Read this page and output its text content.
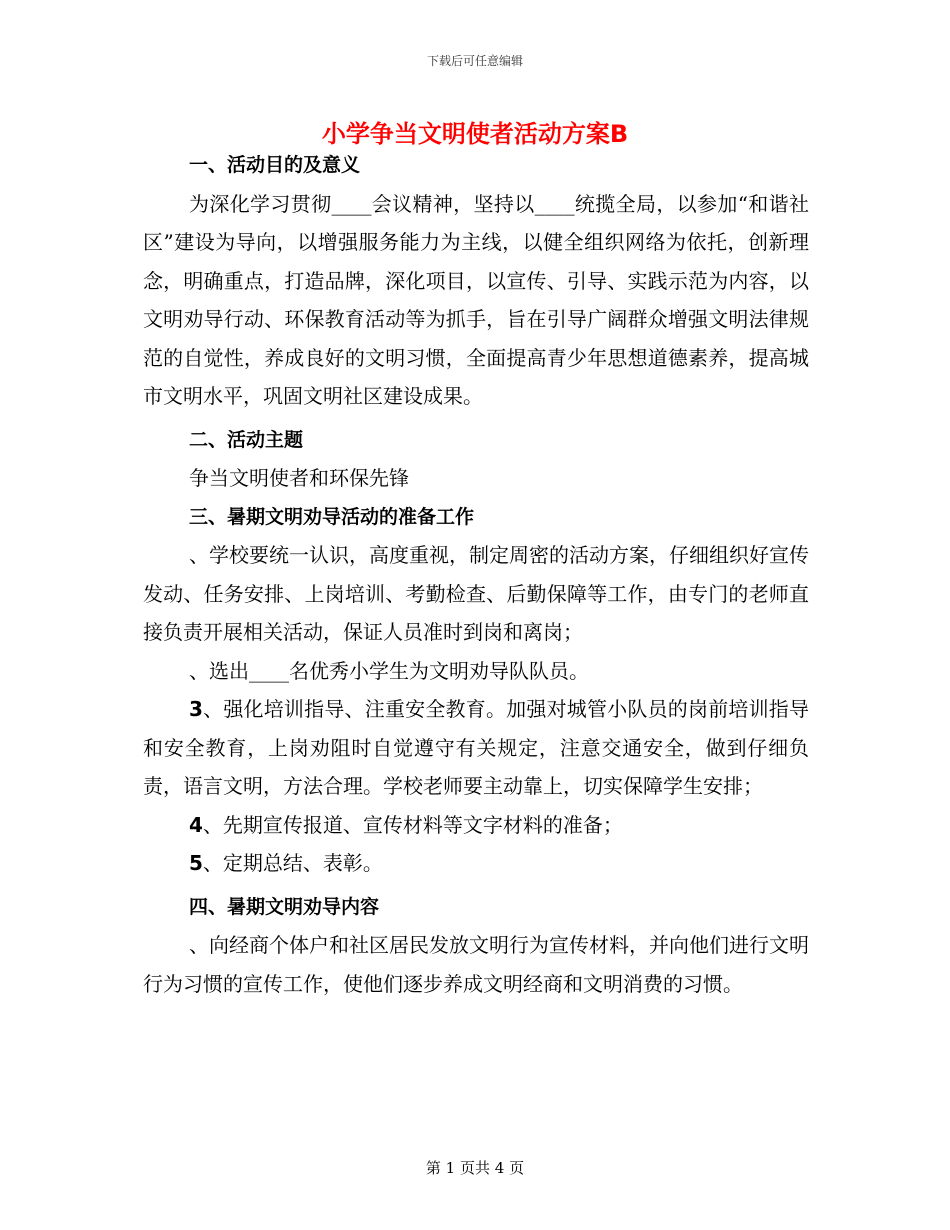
下载后可任意编辑
小学争当文明使者活动方案B
一、活动目的及意义

为深化学习贯彻____会议精神，坚持以____统揽全局，以参加“和谐社区”建设为导向，以增强服务能力为主线，以健全组织网络为依托，创新理念，明确重点，打造品牌，深化项目，以宣传、引导、实践示范为内容，以文明劝导行动、环保教育活动等为抓手，旨在引导广阔群众增强文明法律规范的自觉性，养成良好的文明习惯，全面提高青少年思想道德素养，提高城市文明水平，巩固文明社区建设成果。

二、活动主题

争当文明使者和环保先锋

三、暑期文明劝导活动的准备工作

、学校要统一认识，高度重视，制定周密的活动方案，仔细组织好宣传发动、任务安排、上岗培训、考勤检查、后勤保障等工作，由专门的老师直接负责开展相关活动，保证人员准时到岗和离岗；

、选出____名优秀小学生为文明劝导队队员。

3、强化培训指导、注重安全教育。加强对城管小队员的岗前培训指导和安全教育，上岗劝阻时自觉遵守有关规定，注意交通安全，做到仔细负责，语言文明，方法合理。学校老师要主动靠上，切实保障学生安排；

4、先期宣传报道、宣传材料等文字材料的准备；

5、定期总结、表彰。

四、暑期文明劝导内容

、向经商个体户和社区居民发放文明行为宣传材料，并向他们进行文明行为习惯的宣传工作，使他们逐步养成文明经商和文明消费的习惯。

第 1 页共 4 页
